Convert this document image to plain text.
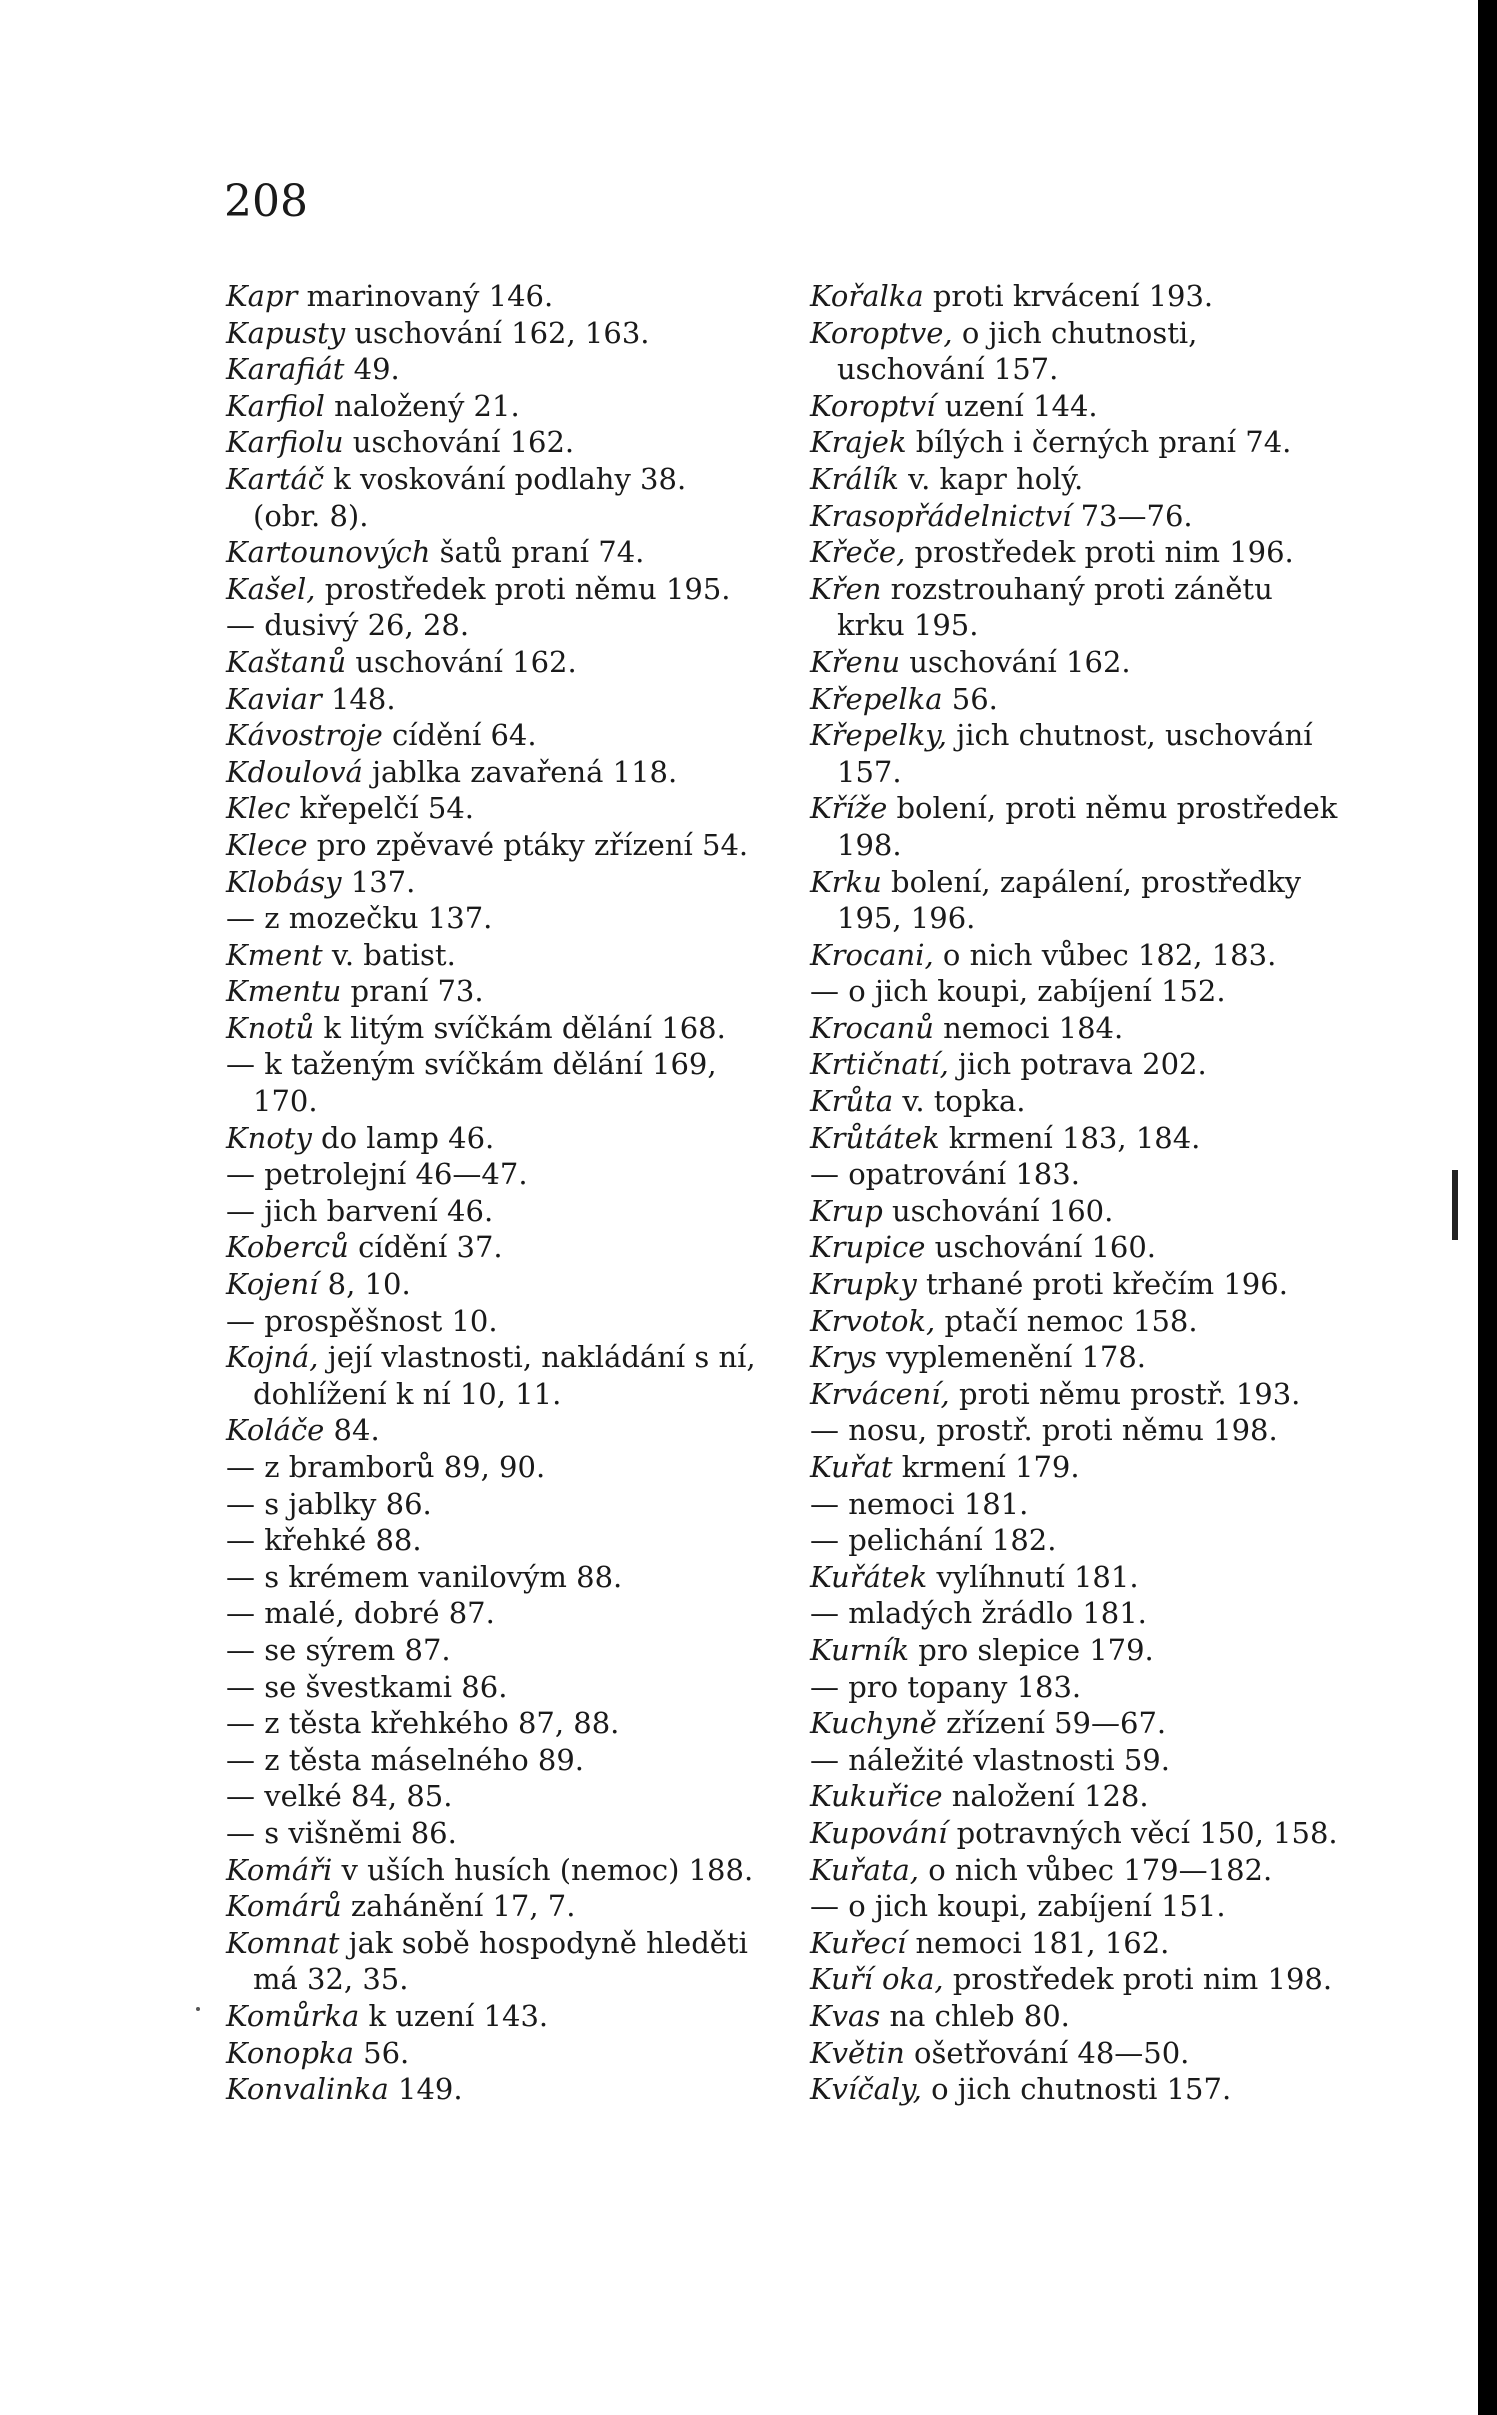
208
Kapr marinovaný 146.
Kapusty uschování 162, 163.
Karafiát 49.
Karfiol naložený 21.
Karfiolu uschování 162.
Kartáč k voskování podlahy 38. (obr. 8).
Kartounových šatů praní 74.
Kašel, prostředek proti němu 195.
— dusivý 26, 28.
Kaštanů uschování 162.
Kaviar 148.
Kávostroje cídění 64.
Kdoulová jablka zavařená 118.
Klec křepelčí 54.
Klece pro zpěvavé ptáky zřízení 54.
Klobásy 137.
— z mozečku 137.
Kment v. batist.
Kmentu praní 73.
Knotů k litým svíčkám dělání 168.
— k taženým svíčkám dělání 169, 170.
Knoty do lamp 46.
— petrolejní 46—47.
— jich barvení 46.
Koberců cídění 37.
Kojení 8, 10.
— prospěšnost 10.
Kojná, její vlastnosti, nakládání s ní, dohlížení k ní 10, 11.
Koláče 84.
— z bramborů 89, 90.
— s jablky 86.
— křehké 88.
— s krémem vanilovým 88.
— malé, dobré 87.
— se sýrem 87.
— se švestkami 86.
— z těsta křehkého 87, 88.
— z těsta máselného 89.
— velké 84, 85.
— s višněmi 86.
Komáři v uších husích (nemoc) 188.
Komárů zahánění 17, 7.
Komnat jak sobě hospodyně hleděti má 32, 35.
Komůrka k uzení 143.
Konopka 56.
Konvalinka 149.
Kořalka proti krvácení 193.
Koroptve, o jich chutnosti, uschování 157.
Koroptví uzení 144.
Krajek bílých i černých praní 74.
Králík v. kapr holý.
Krasopřádelnictví 73—76.
Křeče, prostředek proti nim 196.
Křen rozstrouhaný proti zánětu krku 195.
Křenu uschování 162.
Křepelka 56.
Křepelky, jich chutnost, uschování 157.
Kříže bolení, proti němu prostředek 198.
Krku bolení, zapálení, prostředky 195, 196.
Krocani, o nich vůbec 182, 183.
— o jich koupi, zabíjení 152.
Krocanů nemoci 184.
Krtičnatí, jich potrava 202.
Krůta v. topka.
Krůtátek krmení 183, 184.
— opatrování 183.
Krup uschování 160.
Krupice uschování 160.
Krupky trhané proti křečím 196.
Krvotok, ptačí nemoc 158.
Krys vyplemenění 178.
Krvácení, proti němu prostř. 193.
— nosu, prostř. proti němu 198.
Kuřat krmení 179.
— nemoci 181.
— pelichání 182.
Kuřátek vylíhnutí 181.
— mladých žrádlo 181.
Kurník pro slepice 179.
— pro topany 183.
Kuchyně zřízení 59—67.
— náležité vlastnosti 59.
Kukuřice naložení 128.
Kupování potravných věcí 150, 158.
Kuřata, o nich vůbec 179—182.
— o jich koupi, zabíjení 151.
Kuřecí nemoci 181, 162.
Kuří oka, prostředek proti nim 198.
Kvas na chleb 80.
Květin ošetřování 48—50.
Kvíčaly, o jich chutnosti 157.
